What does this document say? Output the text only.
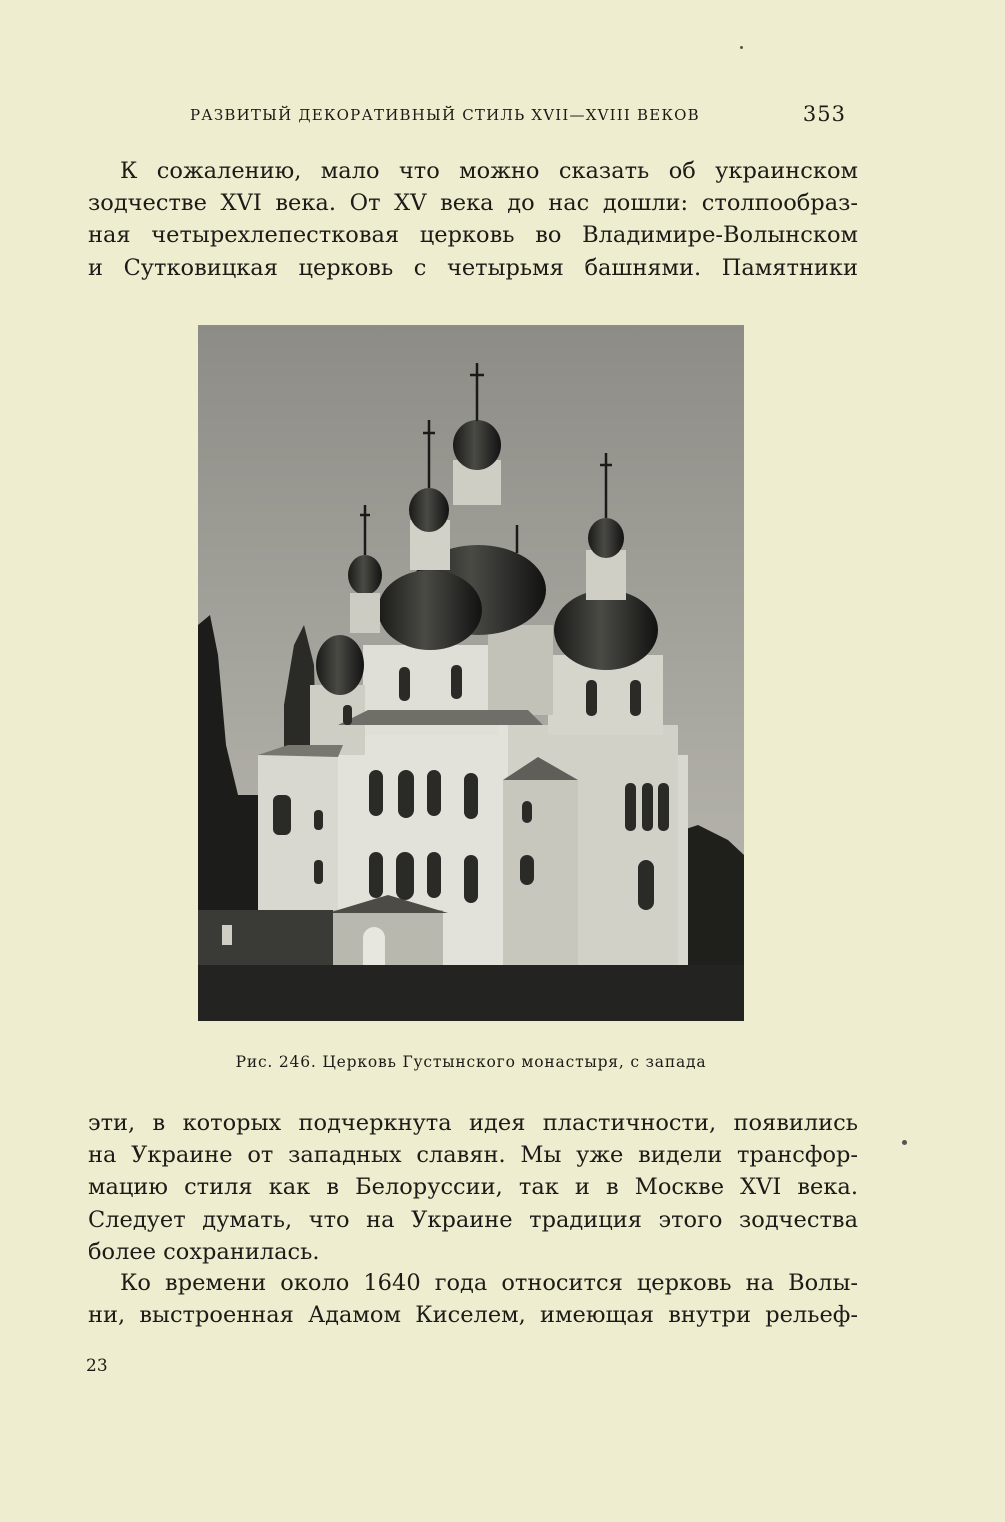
РАЗВИТЫЙ ДЕКОРАТИВНЫЙ СТИЛЬ XVII—XVIII ВЕКОВ	353
К сожалению, мало что можно сказать об украинском
зодчестве XVI века. От XV века до нас дошли: столпообраз-
ная четырехлепестковая церковь во Владимире-Волынском
и Сутковицкая церковь с четырьмя башнями. Памятники
Рис. 246. Церковь Густынского монастыря, с запада
эти, в которых подчеркнута идея пластичности, появились
на Украине от западных славян. Мы уже видели трансфор-
мацию стиля как в Белоруссии, так и в Москве XVI века.
Следует думать, что на Украине традиция этого зодчества
более сохранилась.
Ко времени около 1640 года относится церковь на Волы-
ни, выстроенная Адамом Киселем, имеющая внутри рельеф-
23
